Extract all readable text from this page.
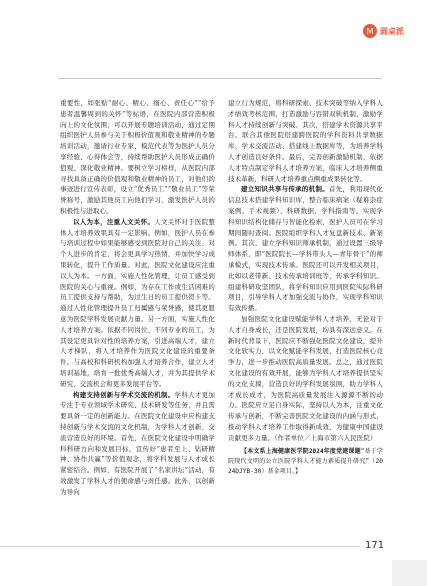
M 圆桌派

重要性，如张贴“耐心、精心、细心、责任心”“给予患者温馨周到的关怀”等标语，在医院内部营造积极向上的文化氛围；可以开展专题培训活动，通过定期组织医护人员参与关于积极价值观和敬业精神的专题培训活动，邀请行业专家、模范代表等为医护人员分享经验、心得体会等，持续帮助医护人员形成正确价值观、深化敬业精神。要树立学习榜样，从医院内部寻找具备正确的价值观和敬业精神的员工，对他们的事迹进行宣传表彰，设立“优秀员工”“敬业员工”等荣誉称号，激励其他员工向他们学习，激发医护人员的积极性与进取心。

以人为本，注重人文关怀。人文关怀对于医院整体人才培养效果具有一定影响。例如，医护人员在参与培训过程中如果能够感受到医院对自己的关注、对个人进步的肯定，将会更具学习热情，并加快学习成果转化，提升工作质量。对此，医院文化建设应注重以人为本。一方面，实施人性化管理，让员工感受到医院的关心与重视。例如，为存在工作或生活困难的员工提供支持与帮助，为过生日的员工提供贺卡等。通过人性化管理提升员工归属感与荣誉感，使其更愿意为医院学科发展贡献力量。另一方面，实施人性化人才培养方案。依据不同岗位、不同专业的员工，为其设定更具针对性的培养方案，引进高端人才，建立人才梯队，将人才培养作为医院文化建设的重要条件。与高校和科研机构加强人才培养合作，建立人才培训基地，培育一批优秀高端人才，并为其提供学术研究、交流机会和更多发展平台等。

构建支持创新与学术交流的机制。学科人才更加专注于专业领域学术研究、技术研发等任务，并且需要具备一定的创新能力。在医院文化建设中应构建支持创新与学术交流的文化机制，为学科人才创新、交流营造良好的环境。首先，在医院文化建设中明确学科科研方向和发展目标，宣传好“患者至上、钻研精神、协作共赢”等价值观念，将学科发展与人才成长紧密结合。例如，有医院开展了“名家讲坛”活动，有效激发了学科人才的使命感与责任感。此外，以创新为导向

建立行为规范，将科研探索、技术突破等纳入学科人才绩效考核范围，打造激励与容错双轨机制，激励学科人才持续创新与突破。其次，搭建学术资源共享平台。联合其他医院搭建跨医院的学科资料共享数据库、学术交流活动、搭建线上数据库等，为培养学科人才创造良好条件。最后，完善创新激励机制，依据人才特点制定学科人才培养方案，临床人才培养侧重技术革新，科研人才培养重点侧重成果转化等。

建立知识共享与传承的机制。首先，利用现代化信息技术搭建学科知识库，整合临床病案（疑难杂症案例、手术视频）、科研数据、学科指南等。实现学科知识结构化储存与智能化检索，医护人员可在学习期间随时查阅。医院组织学科人才复盘新技术、新案例。其次，建立学科知识师承机制，通过设置三级导师体系，即“医院院长—学科带头人—青年骨干”的师承模式，实现技术传承。医院还可以开发相关项目，比如以老带新、技术传承培训班等，传承学科知识。组建科研攻坚团队，将学科知识应用到医院实际科研项目，引导学科人才加强交流与协作，实现学科知识有效传播。

加强医院文化建设赋能学科人才培养，无论对于人才自身成长，还是医院发展，均具有深远意义。在新时代背景下，医院应不断强化医院文化建设，提升文化软实力，以文化赋能学科发展、打造医院核心竞争力，进一步推动医院高质量发展。总之，通过医院文化建设的有效开展，能够为学科人才培养提供坚实的文化支撑，营造良好的学科发展氛围，助力学科人才成长成才，为医院高质量发展注入源源不断的动力。医院应立足自身实际，坚持以人为本，注重文化传承与创新，不断完善医院文化建设的内涵与形式，推动学科人才培养工作取得新成效，为健康中国建设贡献更多力量。（作者单位／上海市第六人民医院）

【本文系上海健康医学院2024年度党建课题“基于学院现代文明的公立医院学科人才能力素质提升研究”（2024DJYB-30）基金项目。】

171
